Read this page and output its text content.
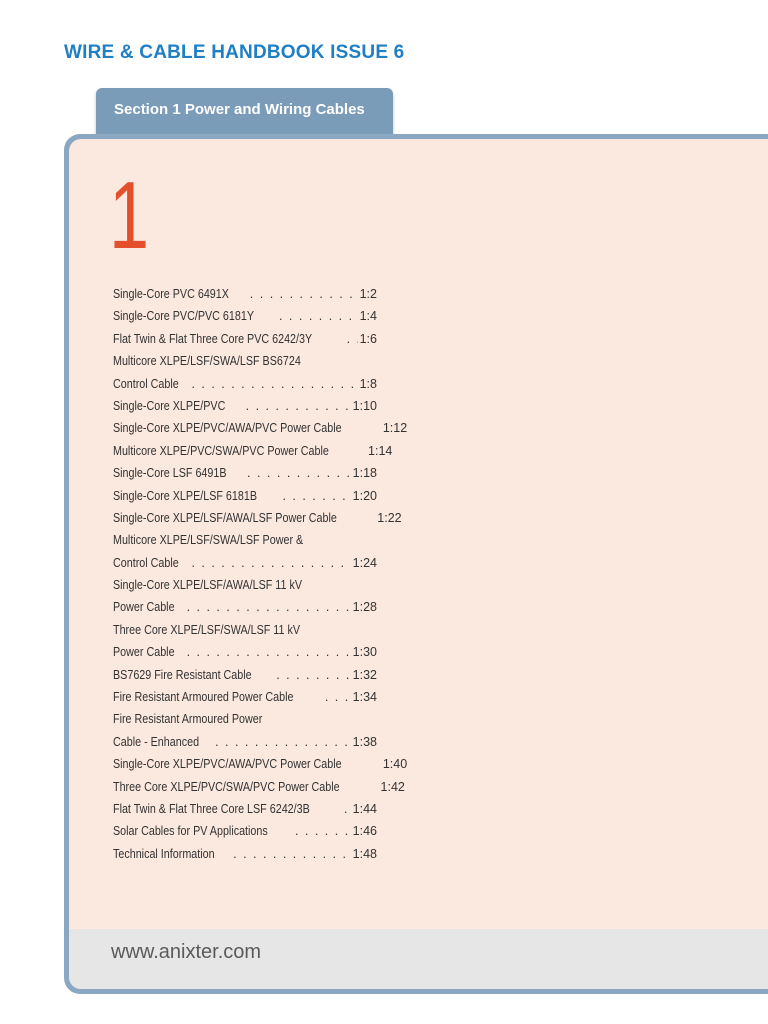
WIRE & CABLE HANDBOOK ISSUE 6
Section 1 Power and Wiring Cables
1
Single-Core PVC 6491X . . .	1:2
Single-Core PVC/PVC 6181Y . . .	1:4
Flat Twin & Flat Three Core PVC 6242/3Y . . .	1:6
Multicore XLPE/LSF/SWA/LSF BS6724
Control Cable . . .	1:8
Single-Core XLPE/PVC . . .	1:10
Single-Core XLPE/PVC/AWA/PVC Power Cable	1:12
Multicore XLPE/PVC/SWA/PVC Power Cable	1:14
Single-Core LSF 6491B . . .	1:18
Single-Core XLPE/LSF 6181B . . .	1:20
Single-Core XLPE/LSF/AWA/LSF Power Cable	1:22
Multicore XLPE/LSF/SWA/LSF Power &
Control Cable . . .	1:24
Single-Core XLPE/LSF/AWA/LSF 11 kV
Power Cable . . .	1:28
Three Core XLPE/LSF/SWA/LSF 11 kV
Power Cable . . .	1:30
BS7629 Fire Resistant Cable . . .	1:32
Fire Resistant Armoured Power Cable . . .	1:34
Fire Resistant Armoured Power
Cable - Enhanced . . .	1:38
Single-Core XLPE/PVC/AWA/PVC Power Cable	1:40
Three Core XLPE/PVC/SWA/PVC Power Cable	1:42
Flat Twin & Flat Three Core LSF 6242/3B . . .	1:44
Solar Cables for PV Applications . . .	1:46
Technical Information . . .	1:48
www.anixter.com
